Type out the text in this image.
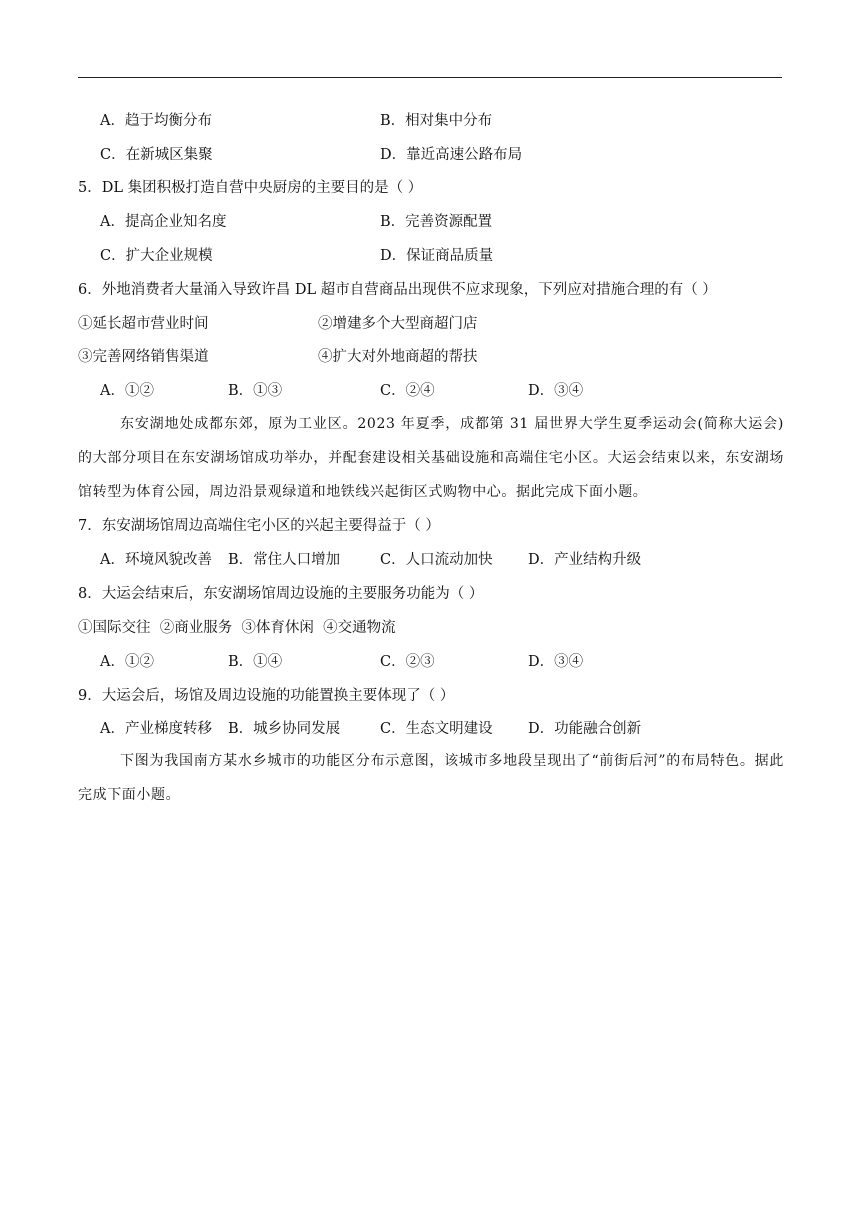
A．趋于均衡分布	B．相对集中分布
C．在新城区集聚	D．靠近高速公路布局
5．DL 集团积极打造自营中央厨房的主要目的是（ ）
A．提高企业知名度	B．完善资源配置
C．扩大企业规模	D．保证商品质量
6．外地消费者大量涌入导致许昌 DL 超市自营商品出现供不应求现象，下列应对措施合理的有（ ）
①延长超市营业时间	②增建多个大型商超门店
③完善网络销售渠道	④扩大对外地商超的帮扶
A．①②	B．①③	C．②④	D．③④
东安湖地处成都东郊，原为工业区。2023 年夏季，成都第 31 届世界大学生夏季运动会(简称大运会)的大部分项目在东安湖场馆成功举办，并配套建设相关基础设施和高端住宅小区。大运会结束以来，东安湖场馆转型为体育公园，周边沿景观绿道和地铁线兴起街区式购物中心。据此完成下面小题。
7．东安湖场馆周边高端住宅小区的兴起主要得益于（ ）
A．环境风貌改善 B．常住人口增加	C．人口流动加快 D．产业结构升级
8．大运会结束后，东安湖场馆周边设施的主要服务功能为（ ）
①国际交往  ②商业服务  ③体育休闲  ④交通物流
A．①②	B．①④	C．②③	D．③④
9．大运会后，场馆及周边设施的功能置换主要体现了（ ）
A．产业梯度转移 B．城乡协同发展	C．生态文明建设 D．功能融合创新
下图为我国南方某水乡城市的功能区分布示意图，该城市多地段呈现出了“前街后河”的布局特色。据此完成下面小题。
